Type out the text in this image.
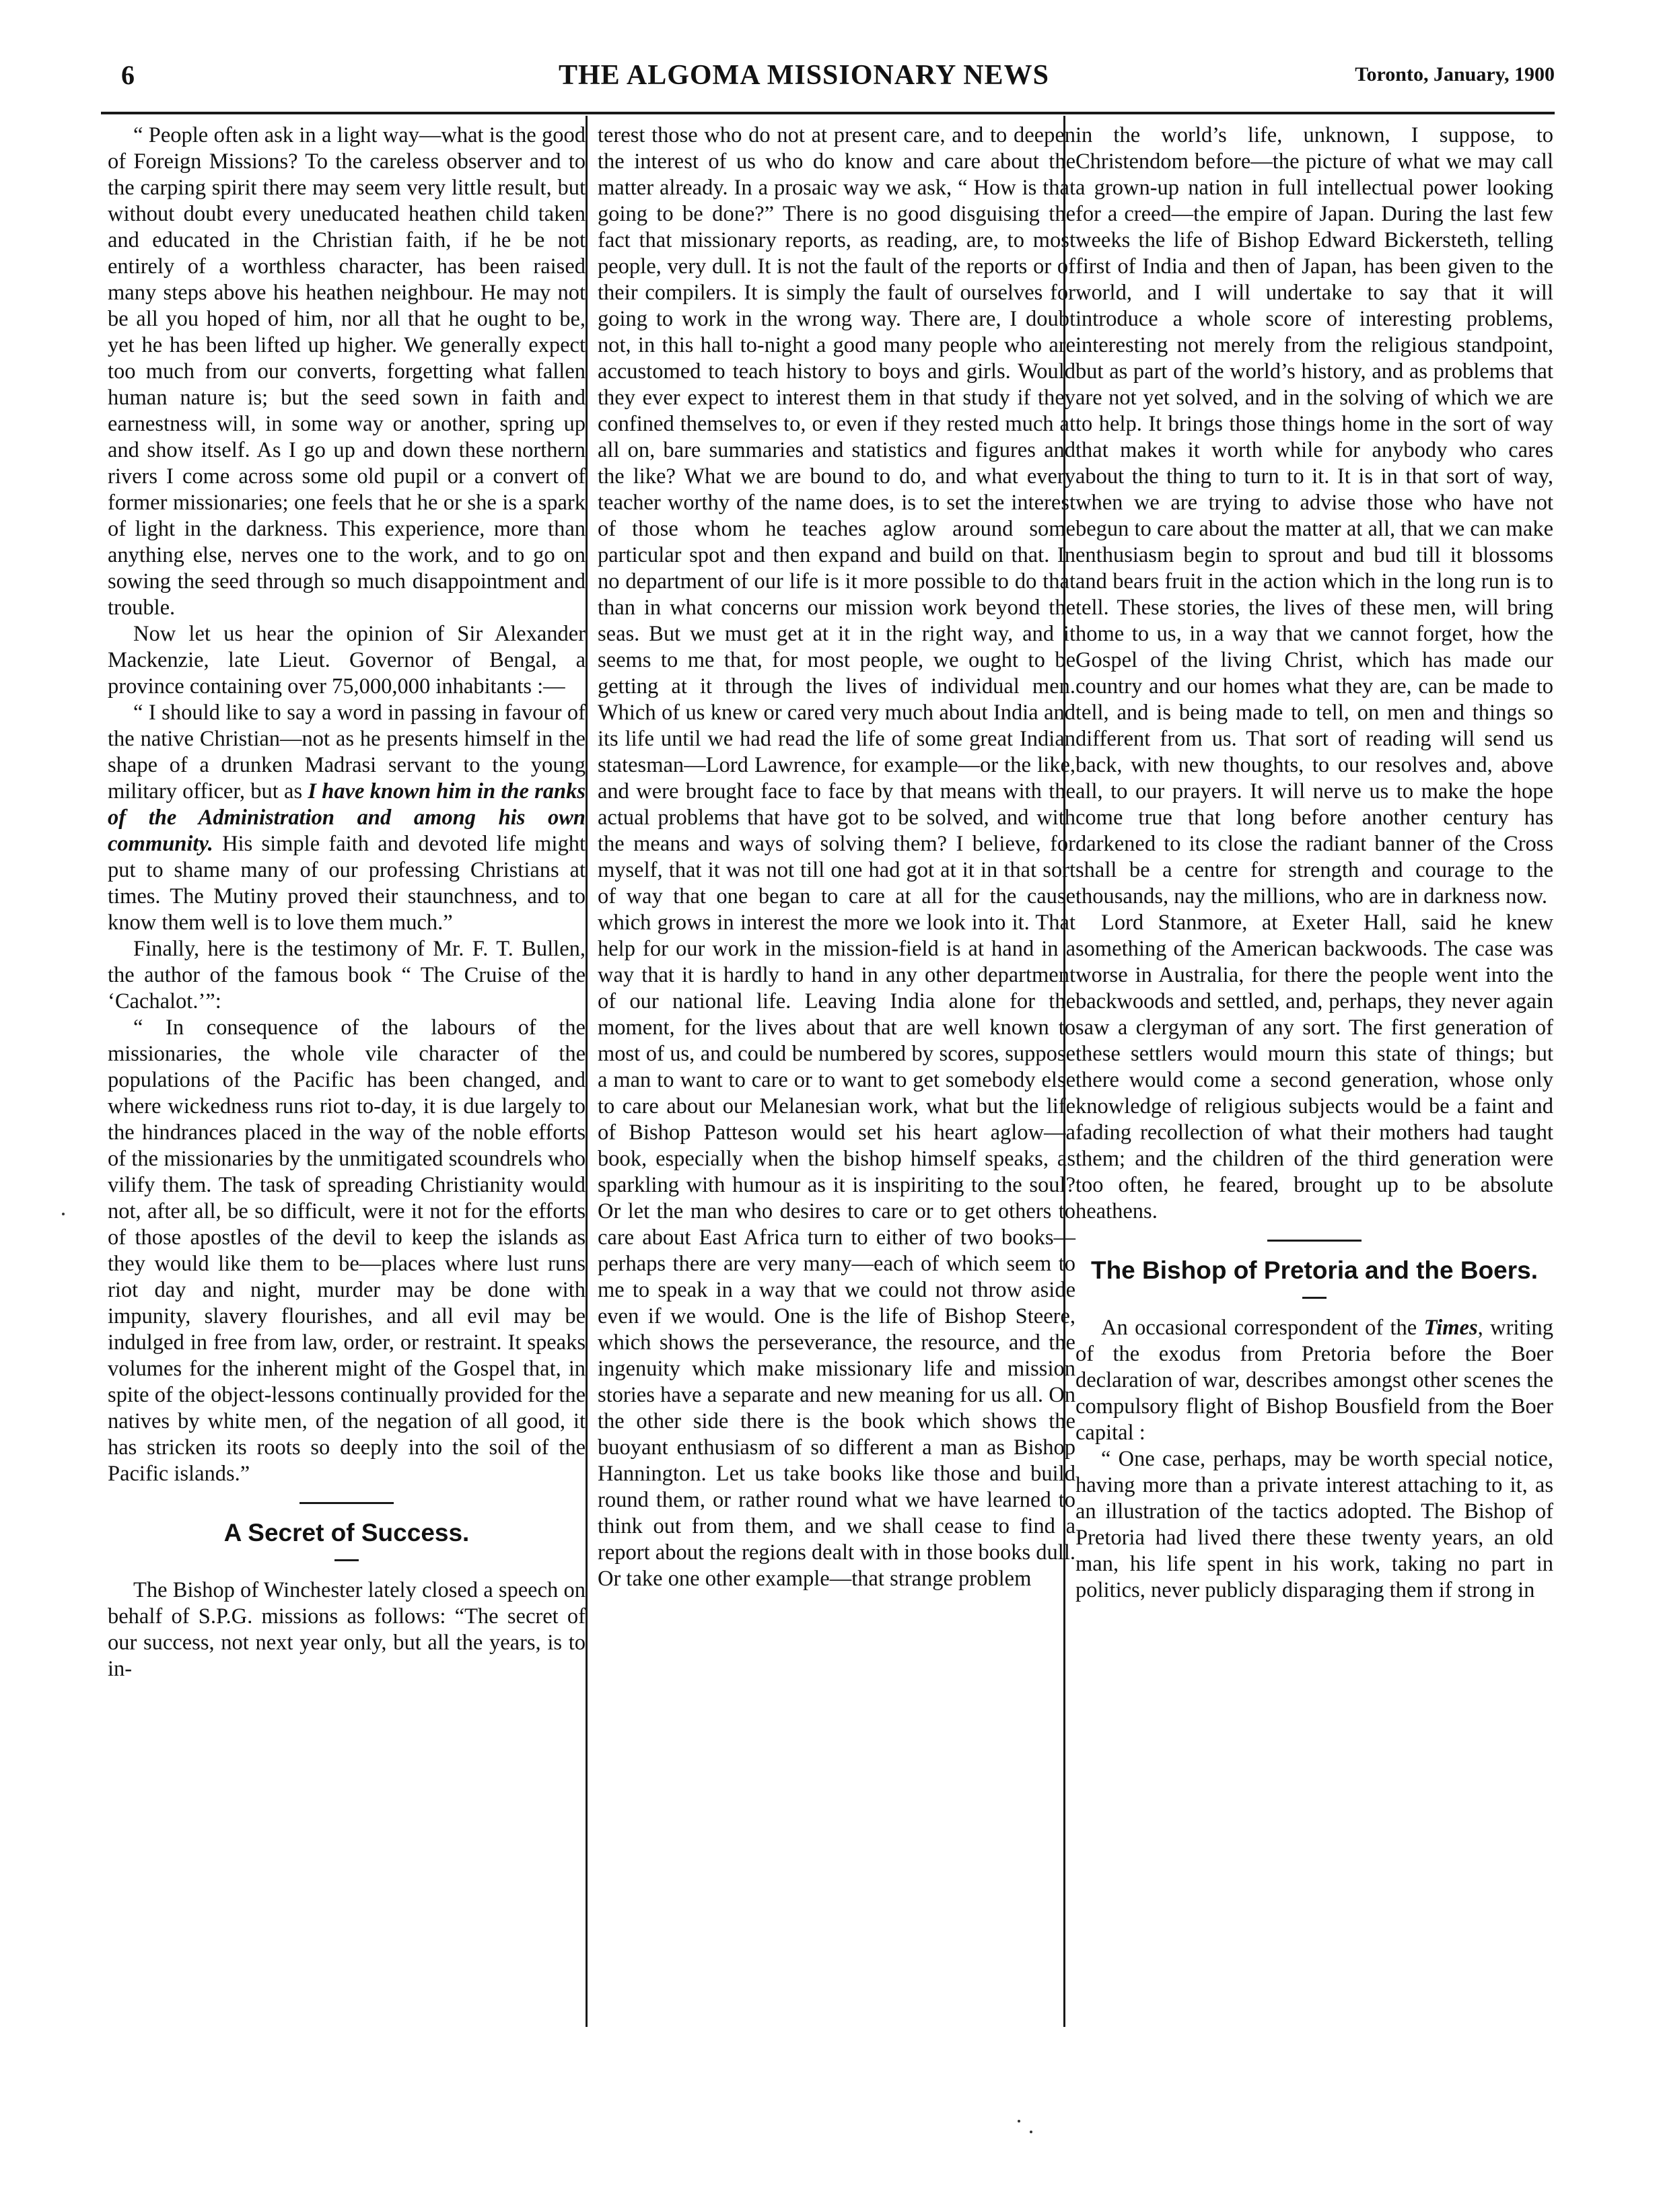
6	THE ALGOMA MISSIONARY NEWS	Toronto, January, 1900

“ People often ask in a light way—what is the good of Foreign Missions? To the careless observer and to the carping spirit there may seem very little result, but without doubt every uneducated heathen child taken and educated in the Christian faith, if he be not entirely of a worthless character, has been raised many steps above his heathen neighbour. He may not be all you hoped of him, nor all that he ought to be, yet he has been lifted up higher. We generally expect too much from our converts, forgetting what fallen human nature is; but the seed sown in faith and earnestness will, in some way or another, spring up and show itself. As I go up and down these northern rivers I come across some old pupil or a convert of former missionaries; one feels that he or she is a spark of light in the darkness. This experience, more than anything else, nerves one to the work, and to go on sowing the seed through so much disappointment and trouble.

Now let us hear the opinion of Sir Alexander Mackenzie, late Lieut. Governor of Bengal, a province containing over 75,000,000 inhabitants :—

“ I should like to say a word in passing in favour of the native Christian—not as he presents himself in the shape of a drunken Madrasi servant to the young military officer, but as I have known him in the ranks of the Administration and among his own community. His simple faith and devoted life might put to shame many of our professing Christians at times. The Mutiny proved their staunchness, and to know them well is to love them much.”

Finally, here is the testimony of Mr. F. T. Bullen, the author of the famous book “ The Cruise of the ‘Cachalot.’”:

“ In consequence of the labours of the missionaries, the whole vile character of the populations of the Pacific has been changed, and where wickedness runs riot to-day, it is due largely to the hindrances placed in the way of the noble efforts of the missionaries by the unmitigated scoundrels who vilify them. The task of spreading Christianity would not, after all, be so difficult, were it not for the efforts of those apostles of the devil to keep the islands as they would like them to be—places where lust runs riot day and night, murder may be done with impunity, slavery flourishes, and all evil may be indulged in free from law, order, or restraint. It speaks volumes for the inherent might of the Gospel that, in spite of the object-lessons continually provided for the natives by white men, of the negation of all good, it has stricken its roots so deeply into the soil of the Pacific islands.”

A Secret of Success.

The Bishop of Winchester lately closed a speech on behalf of S.P.G. missions as follows: “The secret of our success, not next year only, but all the years, is to in-

terest those who do not at present care, and to deepen the interest of us who do know and care about the matter already. In a prosaic way we ask, “ How is that going to be done?” There is no good disguising the fact that missionary reports, as reading, are, to most people, very dull. It is not the fault of the reports or of their compilers. It is simply the fault of ourselves for going to work in the wrong way. There are, I doubt not, in this hall to-night a good many people who are accustomed to teach history to boys and girls. Would they ever expect to interest them in that study if they confined themselves to, or even if they rested much at all on, bare summaries and statistics and figures and the like? What we are bound to do, and what every teacher worthy of the name does, is to set the interest of those whom he teaches aglow around some particular spot and then expand and build on that. In no department of our life is it more possible to do that than in what concerns our mission work beyond the seas. But we must get at it in the right way, and it seems to me that, for most people, we ought to be getting at it through the lives of individual men. Which of us knew or cared very much about India and its life until we had read the life of some great Indian statesman—Lord Lawrence, for example—or the like, and were brought face to face by that means with the actual problems that have got to be solved, and with the means and ways of solving them? I believe, for myself, that it was not till one had got at it in that sort of way that one began to care at all for the cause which grows in interest the more we look into it. That help for our work in the mission-field is at hand in a way that it is hardly to hand in any other department of our national life. Leaving India alone for the moment, for the lives about that are well known to most of us, and could be numbered by scores, suppose a man to want to care or to want to get somebody else to care about our Melanesian work, what but the life of Bishop Patteson would set his heart aglow—a book, especially when the bishop himself speaks, as sparkling with humour as it is inspiriting to the soul? Or let the man who desires to care or to get others to care about East Africa turn to either of two books—perhaps there are very many—each of which seem to me to speak in a way that we could not throw aside even if we would. One is the life of Bishop Steere, which shows the perseverance, the resource, and the ingenuity which make missionary life and mission stories have a separate and new meaning for us all. On the other side there is the book which shows the buoyant enthusiasm of so different a man as Bishop Hannington. Let us take books like those and build round them, or rather round what we have learned to think out from them, and we shall cease to find a report about the regions dealt with in those books dull. Or take one other example—that strange problem

in the world’s life, unknown, I suppose, to Christendom before—the picture of what we may call a grown-up nation in full intellectual power looking for a creed—the empire of Japan. During the last few weeks the life of Bishop Edward Bickersteth, telling first of India and then of Japan, has been given to the world, and I will undertake to say that it will introduce a whole score of interesting problems, interesting not merely from the religious standpoint, but as part of the world’s history, and as problems that are not yet solved, and in the solving of which we are to help. It brings those things home in the sort of way that makes it worth while for anybody who cares about the thing to turn to it. It is in that sort of way, when we are trying to advise those who have not begun to care about the matter at all, that we can make enthusiasm begin to sprout and bud till it blossoms and bears fruit in the action which in the long run is to tell. These stories, the lives of these men, will bring home to us, in a way that we cannot forget, how the Gospel of the living Christ, which has made our country and our homes what they are, can be made to tell, and is being made to tell, on men and things so different from us. That sort of reading will send us back, with new thoughts, to our resolves and, above all, to our prayers. It will nerve us to make the hope come true that long before another century has darkened to its close the radiant banner of the Cross shall be a centre for strength and courage to the thousands, nay the millions, who are in darkness now.

Lord Stanmore, at Exeter Hall, said he knew something of the American backwoods. The case was worse in Australia, for there the people went into the backwoods and settled, and, perhaps, they never again saw a clergyman of any sort. The first generation of these settlers would mourn this state of things; but there would come a second generation, whose only knowledge of religious subjects would be a faint and fading recollection of what their mothers had taught them; and the children of the third generation were too often, he feared, brought up to be absolute heathens.

The Bishop of Pretoria and the Boers.

An occasional correspondent of the Times, writing of the exodus from Pretoria before the Boer declaration of war, describes amongst other scenes the compulsory flight of Bishop Bousfield from the Boer capital :

“ One case, perhaps, may be worth special notice, having more than a private interest attaching to it, as an illustration of the tactics adopted. The Bishop of Pretoria had lived there these twenty years, an old man, his life spent in his work, taking no part in politics, never publicly disparaging them if strong in
